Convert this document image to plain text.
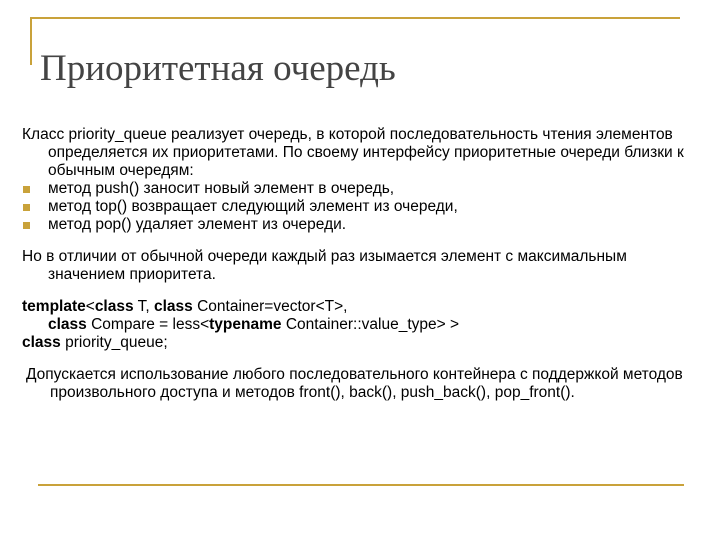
Приоритетная очередь

Класс priority_queue реализует очередь, в которой последовательность чтения элементов определяется их приоритетами. По своему интерфейсу приоритетные очереди близки к обычным очередям:

метод push() заносит новый элемент в очередь,
метод top() возвращает следующий элемент из очереди,
метод pop() удаляет элемент из очереди.

Но в отличии от обычной очереди каждый раз изымается элемент с максимальным значением приоритета.

template<class T, class Container=vector<T>,

class Compare = less<typename Container::value_type> >

class priority_queue;

Допускается использование любого последовательного контейнера с поддержкой методов произвольного доступа и методов front(), back(), push_back(), pop_front().
